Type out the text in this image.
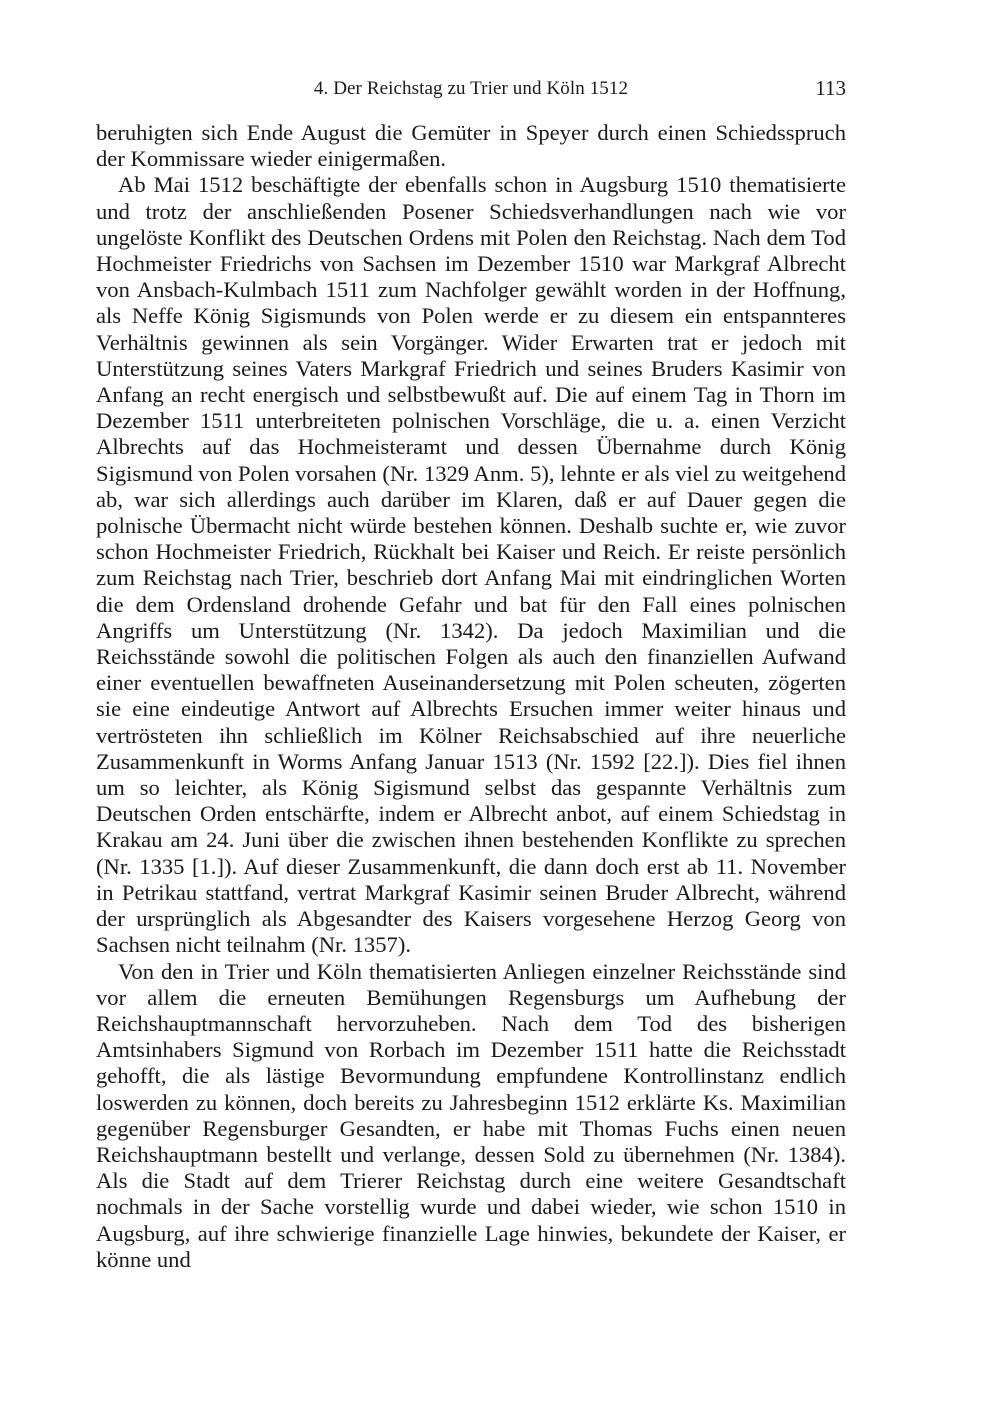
4. Der Reichstag zu Trier und Köln 1512	113

beruhigten sich Ende August die Gemüter in Speyer durch einen Schiedsspruch der Kommissare wieder einigermaßen.

Ab Mai 1512 beschäftigte der ebenfalls schon in Augsburg 1510 thematisierte und trotz der anschließenden Posener Schiedsverhandlungen nach wie vor ungelöste Konflikt des Deutschen Ordens mit Polen den Reichstag. Nach dem Tod Hochmeister Friedrichs von Sachsen im Dezember 1510 war Markgraf Albrecht von Ansbach-Kulmbach 1511 zum Nachfolger gewählt worden in der Hoffnung, als Neffe König Sigismunds von Polen werde er zu diesem ein entspannteres Verhältnis gewinnen als sein Vorgänger. Wider Erwarten trat er jedoch mit Unterstützung seines Vaters Markgraf Friedrich und seines Bruders Kasimir von Anfang an recht energisch und selbstbewußt auf. Die auf einem Tag in Thorn im Dezember 1511 unterbreiteten polnischen Vorschläge, die u. a. einen Verzicht Albrechts auf das Hochmeisteramt und dessen Übernahme durch König Sigismund von Polen vorsahen (Nr. 1329 Anm. 5), lehnte er als viel zu weitgehend ab, war sich allerdings auch darüber im Klaren, daß er auf Dauer gegen die polnische Übermacht nicht würde bestehen können. Deshalb suchte er, wie zuvor schon Hochmeister Friedrich, Rückhalt bei Kaiser und Reich. Er reiste persönlich zum Reichstag nach Trier, beschrieb dort Anfang Mai mit eindringlichen Worten die dem Ordensland drohende Gefahr und bat für den Fall eines polnischen Angriffs um Unterstützung (Nr. 1342). Da jedoch Maximilian und die Reichsstände sowohl die politischen Folgen als auch den finanziellen Aufwand einer eventuellen bewaffneten Auseinandersetzung mit Polen scheuten, zögerten sie eine eindeutige Antwort auf Albrechts Ersuchen immer weiter hinaus und vertrösteten ihn schließlich im Kölner Reichsabschied auf ihre neuerliche Zusammenkunft in Worms Anfang Januar 1513 (Nr. 1592 [22.]). Dies fiel ihnen um so leichter, als König Sigismund selbst das gespannte Verhältnis zum Deutschen Orden entschärfte, indem er Albrecht anbot, auf einem Schiedstag in Krakau am 24. Juni über die zwischen ihnen bestehenden Konflikte zu sprechen (Nr. 1335 [1.]). Auf dieser Zusammenkunft, die dann doch erst ab 11. November in Petrikau stattfand, vertrat Markgraf Kasimir seinen Bruder Albrecht, während der ursprünglich als Abgesandter des Kaisers vorgesehene Herzog Georg von Sachsen nicht teilnahm (Nr. 1357).

Von den in Trier und Köln thematisierten Anliegen einzelner Reichsstände sind vor allem die erneuten Bemühungen Regensburgs um Aufhebung der Reichshauptmannschaft hervorzuheben. Nach dem Tod des bisherigen Amtsinhabers Sigmund von Rorbach im Dezember 1511 hatte die Reichsstadt gehofft, die als lästige Bevormundung empfundene Kontrollinstanz endlich loswerden zu können, doch bereits zu Jahresbeginn 1512 erklärte Ks. Maximilian gegenüber Regensburger Gesandten, er habe mit Thomas Fuchs einen neuen Reichshauptmann bestellt und verlange, dessen Sold zu übernehmen (Nr. 1384). Als die Stadt auf dem Trierer Reichstag durch eine weitere Gesandtschaft nochmals in der Sache vorstellig wurde und dabei wieder, wie schon 1510 in Augsburg, auf ihre schwierige finanzielle Lage hinwies, bekundete der Kaiser, er könne und
